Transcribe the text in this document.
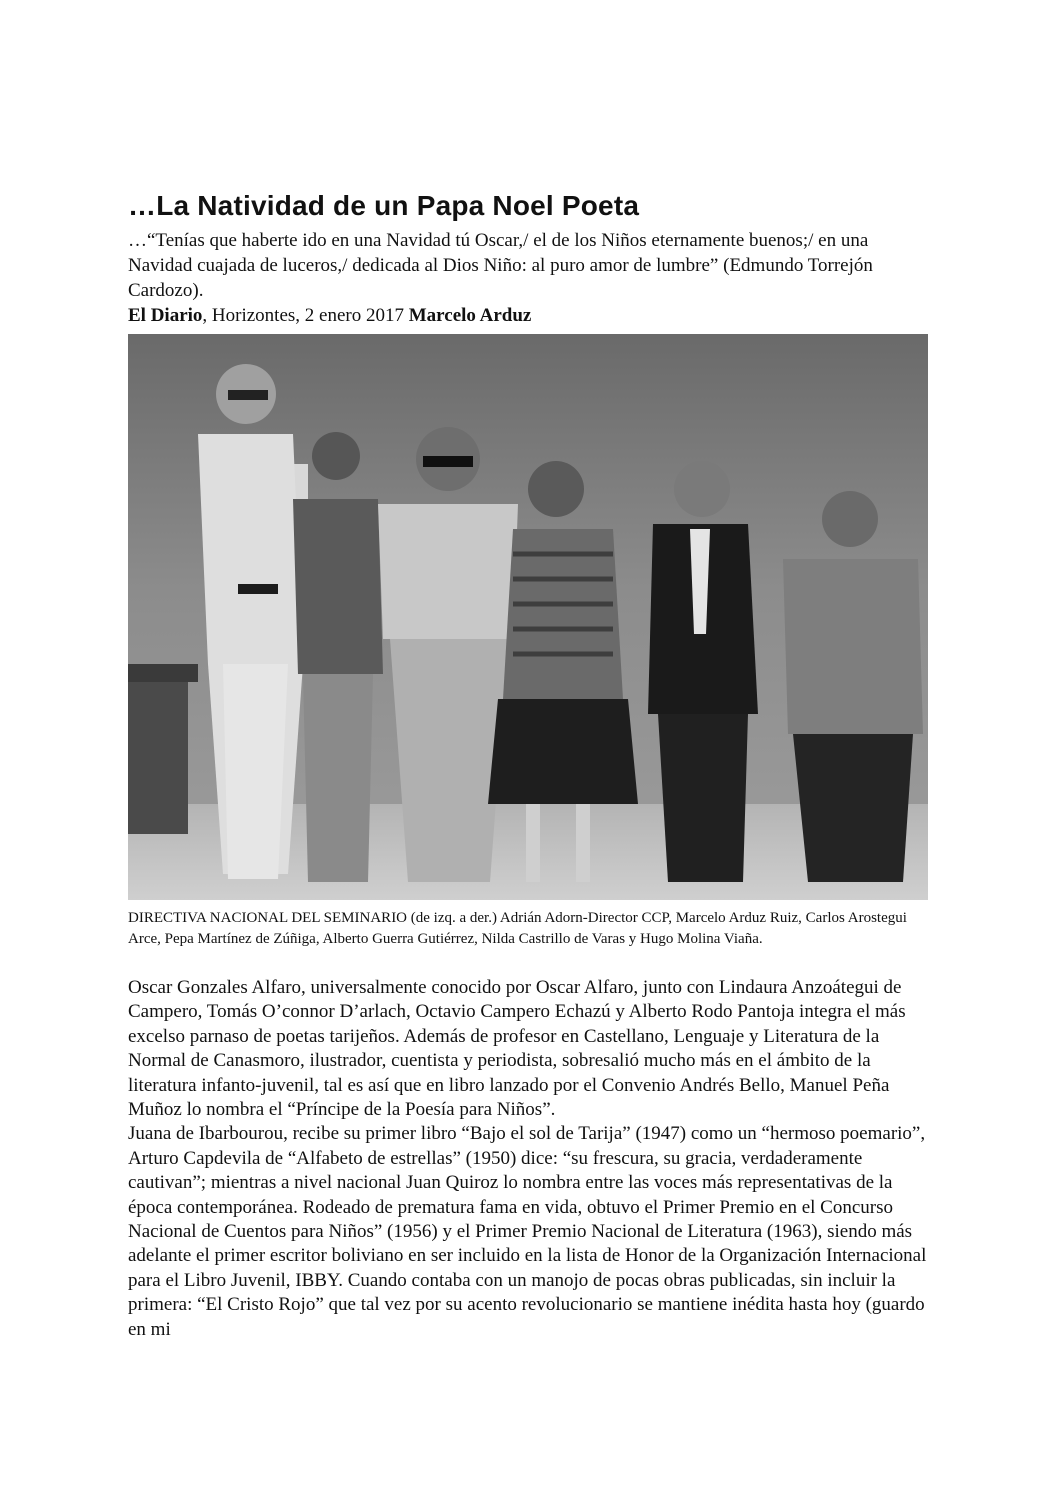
…La Natividad de un Papa Noel Poeta

…“Tenías que haberte ido en una Navidad tú Oscar,/ el de los Niños eternamente buenos;/ en una Navidad cuajada de luceros,/ dedicada al Dios Niño: al puro amor de lumbre” (Edmundo Torrejón Cardozo).

El Diario, Horizontes, 2 enero 2017 Marcelo Arduz

DIRECTIVA NACIONAL DEL SEMINARIO (de izq. a der.) Adrián Adorn-Director CCP, Marcelo Arduz Ruiz, Carlos Arostegui Arce, Pepa Martínez de Zúñiga, Alberto Guerra Gutiérrez, Nilda Castrillo de Varas y Hugo Molina Viaña.

Oscar Gonzales Alfaro, universalmente conocido por Oscar Alfaro, junto con Lindaura Anzoátegui de Campero, Tomás O’connor D’arlach, Octavio Campero Echazú y Alberto Rodo Pantoja integra el más excelso parnaso de poetas tarijeños. Además de profesor en Castellano, Lenguaje y Literatura de la Normal de Canasmoro, ilustrador, cuentista y periodista, sobresalió mucho más en el ámbito de la literatura infanto-juvenil, tal es así que en libro lanzado por el Convenio Andrés Bello, Manuel Peña Muñoz lo nombra el “Príncipe de la Poesía para Niños”.

Juana de Ibarbourou, recibe su primer libro “Bajo el sol de Tarija” (1947) como un “hermoso poemario”, Arturo Capdevila de “Alfabeto de estrellas” (1950) dice: “su frescura, su gracia, verdaderamente cautivan”; mientras a nivel nacional Juan Quiroz lo nombra entre las voces más representativas de la época contemporánea. Rodeado de prematura fama en vida, obtuvo el Primer Premio en el Concurso Nacional de Cuentos para Niños” (1956) y el Primer Premio Nacional de Literatura (1963), siendo más adelante el primer escritor boliviano en ser incluido en la lista de Honor de la Organización Internacional para el Libro Juvenil, IBBY. Cuando contaba con un manojo de pocas obras publicadas, sin incluir la primera: “El Cristo Rojo” que tal vez por su acento revolucionario se mantiene inédita hasta hoy (guardo en mi
